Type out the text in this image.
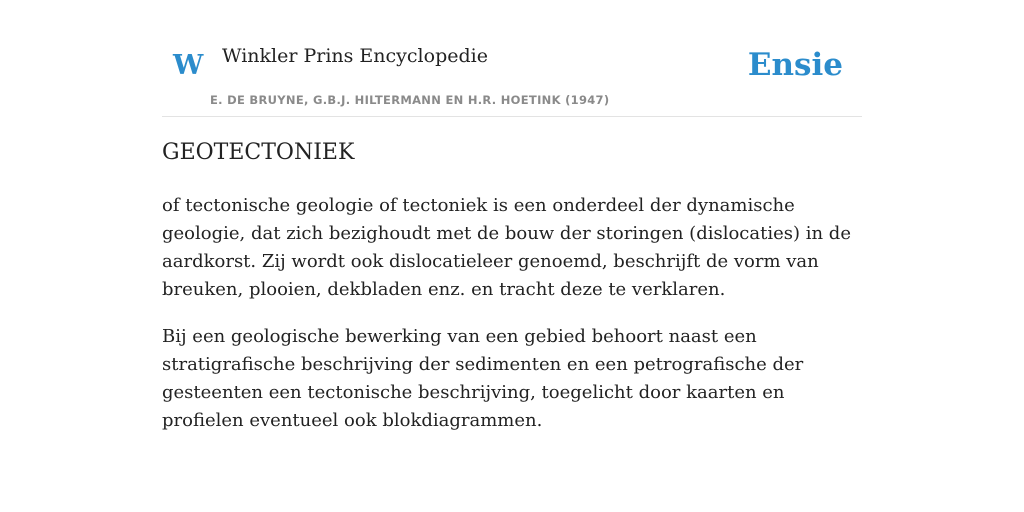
W Winkler Prins Encyclopedie
E. DE BRUYNE, G.B.J. HILTERMANN EN H.R. HOETINK (1947)
Ensie
GEOTECTONIEK

of tectonische geologie of tectoniek is een onderdeel der dynamische geologie, dat zich bezighoudt met de bouw der storingen (dislocaties) in de aardkorst. Zij wordt ook dislocatieleer genoemd, beschrijft de vorm van breuken, plooien, dekbladen enz. en tracht deze te verklaren.

Bij een geologische bewerking van een gebied behoort naast een stratigrafische beschrijving der sedimenten en een petrografische der gesteenten een tectonische beschrijving, toegelicht door kaarten en profielen eventueel ook blokdiagrammen.
